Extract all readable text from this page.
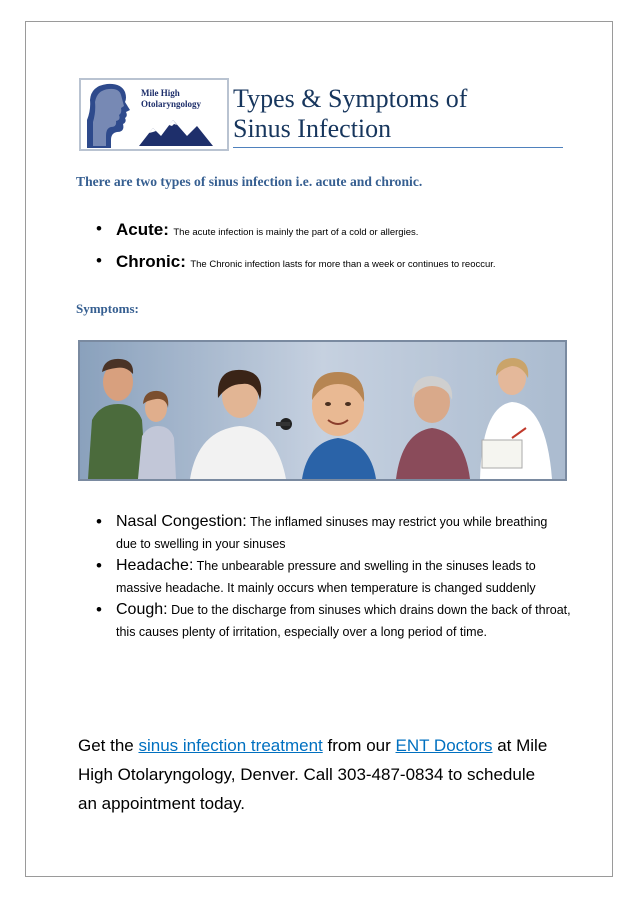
Mile High
Otolaryngology Types & Symptoms of
Sinus Infection

There are two types of sinus infection i.e. acute and chronic.

• Acute: The acute infection is mainly the part of a cold or allergies.
• Chronic: The Chronic infection lasts for more than a week or continues to reoccur.
Symptoms:
• Nasal Congestion: The inflamed sinuses may restrict you while breathing due to swelling in your sinuses
• Headache: The unbearable pressure and swelling in the sinuses leads to massive headache. It mainly occurs when temperature is changed suddenly
• Cough: Due to the discharge from sinuses which drains down the back of throat, this causes plenty of irritation, especially over a long period of time.

Get the sinus infection treatment from our ENT Doctors at Mile High Otolaryngology, Denver. Call 303-487-0834 to schedule an appointment today.
